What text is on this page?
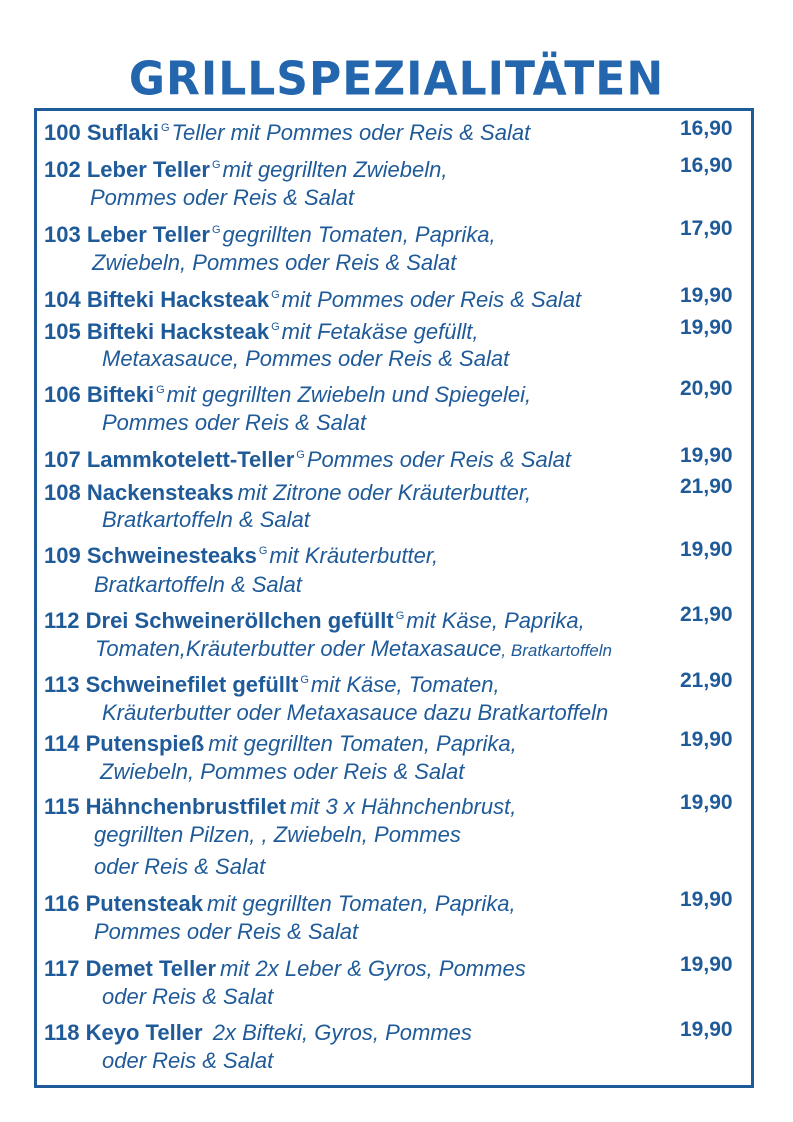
GRILLSPEZIALITÄTEN
100 Suflaki $^G$Teller mit Pommes oder Reis & Salat	16,90
102 Leber Teller $^G$mit gegrillten Zwiebeln,
Pommes oder Reis & Salat
16,90
103 Leber Teller $^G$gegrillten Tomaten, Paprika,
Zwiebeln, Pommes oder Reis & Salat
17,90
104 Bifteki Hacksteak $^G$mit Pommes oder Reis & Salat	19,90
105 Bifteki Hacksteak $^G$mit Fetakäse gefüllt,
Metaxasauce, Pommes oder Reis & Salat
19,90
106 Bifteki $^G$mit gegrillten Zwiebeln und Spiegelei,
Pommes oder Reis & Salat
20,90
107 Lammkotelett-Teller $^G$Pommes oder Reis & Salat	19,90
108 Nackensteaks mit Zitrone oder Kräuterbutter,
Bratkartoffeln & Salat
21,90
109 Schweinesteaks $^G$mit Kräuterbutter,
Bratkartoffeln & Salat
19,90
112 Drei Schweineröllchen gefüllt $^G$mit Käse, Paprika,
Tomaten,Kräuterbutter oder Metaxasauce, Bratkartoffeln
21,90
113 Schweinefilet gefüllt $^G$mit Käse, Tomaten,
Kräuterbutter oder Metaxasauce dazu Bratkartoffeln
21,90
114 Putenspieß mit gegrillten Tomaten, Paprika,
Zwiebeln, Pommes oder Reis & Salat
19,90
115 Hähnchenbrustfilet mit 3 x Hähnchenbrust,
gegrillten Pilzen, , Zwiebeln, Pommes
oder Reis & Salat
19,90
116 Putensteak mit gegrillten Tomaten, Paprika,
Pommes oder Reis & Salat
19,90
117 Demet Teller mit 2x Leber & Gyros, Pommes
oder Reis & Salat
19,90
118 Keyo Teller 2x Bifteki, Gyros, Pommes
oder Reis & Salat
19,90
